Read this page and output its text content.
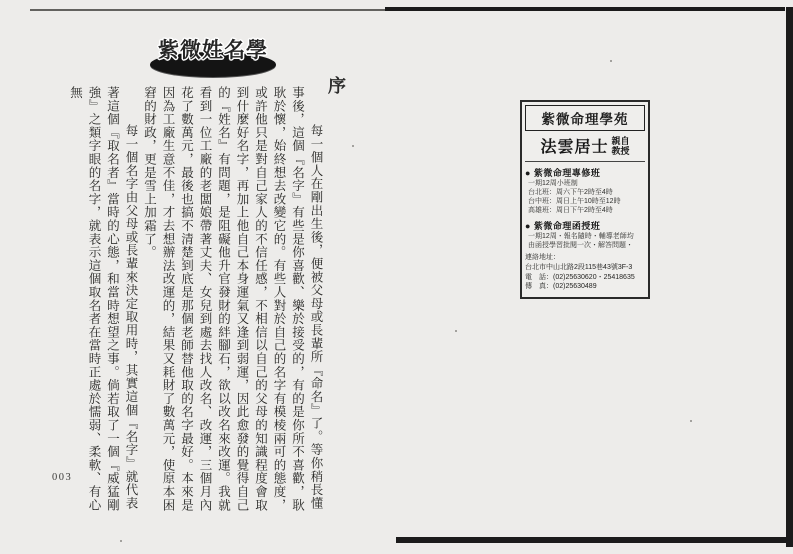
紫微姓名學
序

每一個人在剛出生後，便被父母或長輩所『命名』了。等你稍長懂事後，這個『名字』有些是你喜歡、樂於接受的，有的是你所不喜歡，耿耿於懷，始終想去改變它的。有些人對於自己的名字有模棱兩可的態度，或許他只是對自己家人的不信任感，不相信以自己的父母的知識程度會取到什麼好名字，再加上他自己本身運氣又逢到弱運，因此愈發的覺得自己的『姓名』有問題，是阻礙他升官發財的絆腳石，欲以改名來改運。我就看到一位工廠的老闆娘帶著丈夫、女兒到處去找人改名、改運，三個月內花了數萬元，最後也搞不清楚到底是那個老師替他取的名字最好。本來是因為工廠生意不佳，才去想辦法改運的，結果又耗財了數萬元，使原本困窘的財政，更是雪上加霜了。

每一個名字由父母或長輩來決定取用時，其實這個『名字』就代表著這個『取名者』當時的心態，和當時想望之事。倘若取了一個『威猛剛強』之類字眼的名字，就表示這個取名者在當時正處於懦弱、柔軟、有心無

003
紫微命理學苑
法雲居士 親自
教授
● 紫微命理專修班
一期12周小班制
台北班：周六下午2時至4時
台中班：周日上午10時至12時
高雄班：周日下午2時至4時
● 紫微命理函授班
一期12周・報名隨時・輔導老師均
由函授學習批閱一次・解答問題・
連絡地址：
台北市中山北路2段115巷43號3F-3
電　話：(02)25630620・25418635
傳　真：(02)25630489
